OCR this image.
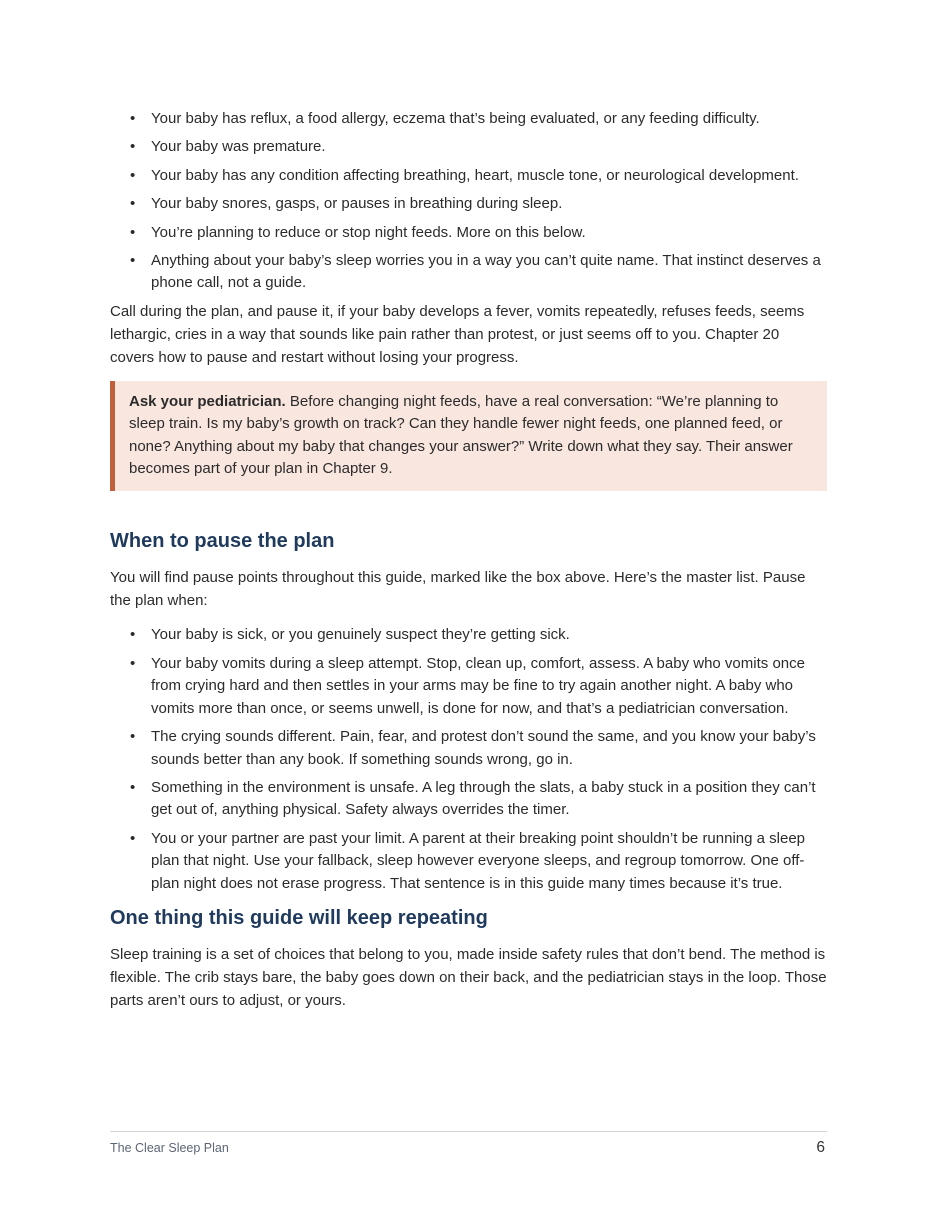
• Your baby has reflux, a food allergy, eczema that’s being evaluated, or any feeding difficulty.
• Your baby was premature.
• Your baby has any condition affecting breathing, heart, muscle tone, or neurological development.
• Your baby snores, gasps, or pauses in breathing during sleep.
• You’re planning to reduce or stop night feeds. More on this below.
• Anything about your baby’s sleep worries you in a way you can’t quite name. That instinct deserves a phone call, not a guide.

Call during the plan, and pause it, if your baby develops a fever, vomits repeatedly, refuses feeds, seems lethargic, cries in a way that sounds like pain rather than protest, or just seems off to you. Chapter 20 covers how to pause and restart without losing your progress.

Ask your pediatrician. Before changing night feeds, have a real conversation: “We’re planning to sleep train. Is my baby’s growth on track? Can they handle fewer night feeds, one planned feed, or none? Anything about my baby that changes your answer?” Write down what they say. Their answer becomes part of your plan in Chapter 9.
When to pause the plan

You will find pause points throughout this guide, marked like the box above. Here’s the master list. Pause the plan when:

• Your baby is sick, or you genuinely suspect they’re getting sick.
• Your baby vomits during a sleep attempt. Stop, clean up, comfort, assess. A baby who vomits once from crying hard and then settles in your arms may be fine to try again another night. A baby who vomits more than once, or seems unwell, is done for now, and that’s a pediatrician conversation.
• The crying sounds different. Pain, fear, and protest don’t sound the same, and you know your baby’s sounds better than any book. If something sounds wrong, go in.
• Something in the environment is unsafe. A leg through the slats, a baby stuck in a position they can’t get out of, anything physical. Safety always overrides the timer.
• You or your partner are past your limit. A parent at their breaking point shouldn’t be running a sleep plan that night. Use your fallback, sleep however everyone sleeps, and regroup tomorrow. One off-plan night does not erase progress. That sentence is in this guide many times because it’s true.
One thing this guide will keep repeating

Sleep training is a set of choices that belong to you, made inside safety rules that don’t bend. The method is flexible. The crib stays bare, the baby goes down on their back, and the pediatrician stays in the loop. Those parts aren’t ours to adjust, or yours.

The Clear Sleep Plan	6
